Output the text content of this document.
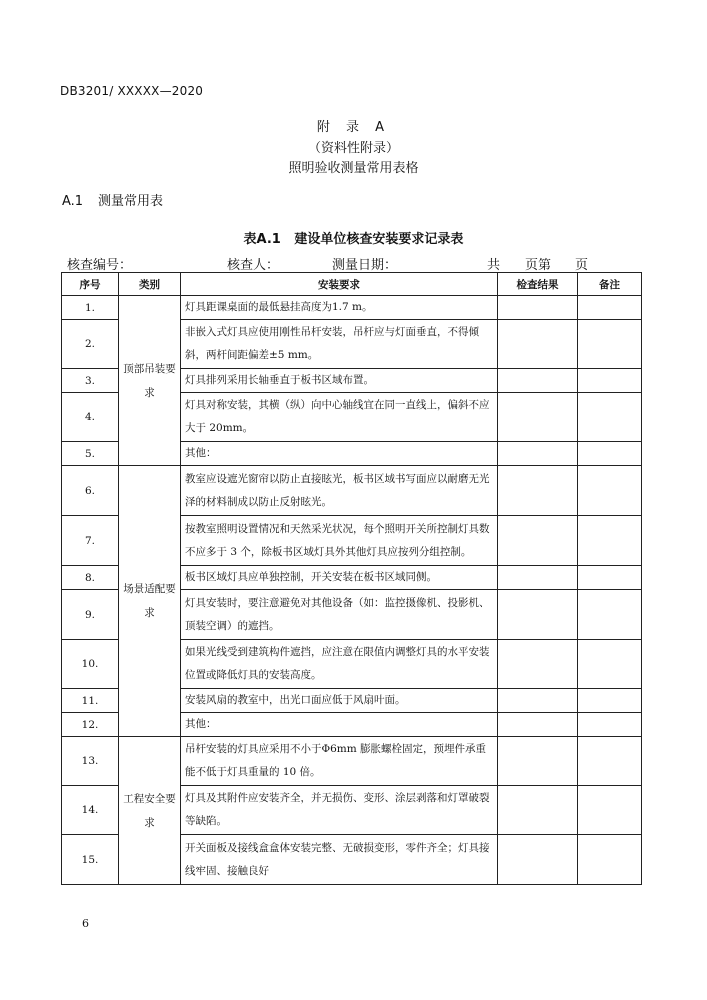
DB3201/ XXXXX—2020
附 录 A
（资料性附录）
照明验收测量常用表格
A.1 测量常用表
表A.1 建设单位核查安装要求记录表
核查编号：	核查人：	测量日期：	共 页第 页
序号	类别	安装要求	检查结果	备注
1.	顶部吊装要求	灯具距课桌面的最低悬挂高度为1.7 m。		
2.		非嵌入式灯具应使用刚性吊杆安装，吊杆应与灯面垂直，不得倾斜，两杆间距偏差±5 mm。		
3.		灯具排列采用长轴垂直于板书区域布置。		
4.		灯具对称安装，其横（纵）向中心轴线宜在同一直线上，偏斜不应大于 20mm。		
5.		其他：		
6.	场景适配要求	教室应设遮光窗帘以防止直接眩光，板书区域书写面应以耐磨无光泽的材料制成以防止反射眩光。		
7.		按教室照明设置情况和天然采光状况，每个照明开关所控制灯具数不应多于 3 个，除板书区域灯具外其他灯具应按列分组控制。		
8.		板书区域灯具应单独控制，开关安装在板书区域同侧。		
9.		灯具安装时，要注意避免对其他设备（如：监控摄像机、投影机、顶装空调）的遮挡。		
10.		如果光线受到建筑构件遮挡，应注意在限值内调整灯具的水平安装位置或降低灯具的安装高度。		
11.		安装风扇的教室中，出光口面应低于风扇叶面。		
12.		其他：		
13.	工程安全要求	吊杆安装的灯具应采用不小于Φ6mm 膨胀螺栓固定，预埋件承重能不低于灯具重量的 10 倍。		
14.		灯具及其附件应安装齐全，并无损伤、变形、涂层剥落和灯罩破裂等缺陷。		
15.		开关面板及接线盒盒体安装完整、无破损变形，零件齐全；灯具接线牢固、接触良好		
6
